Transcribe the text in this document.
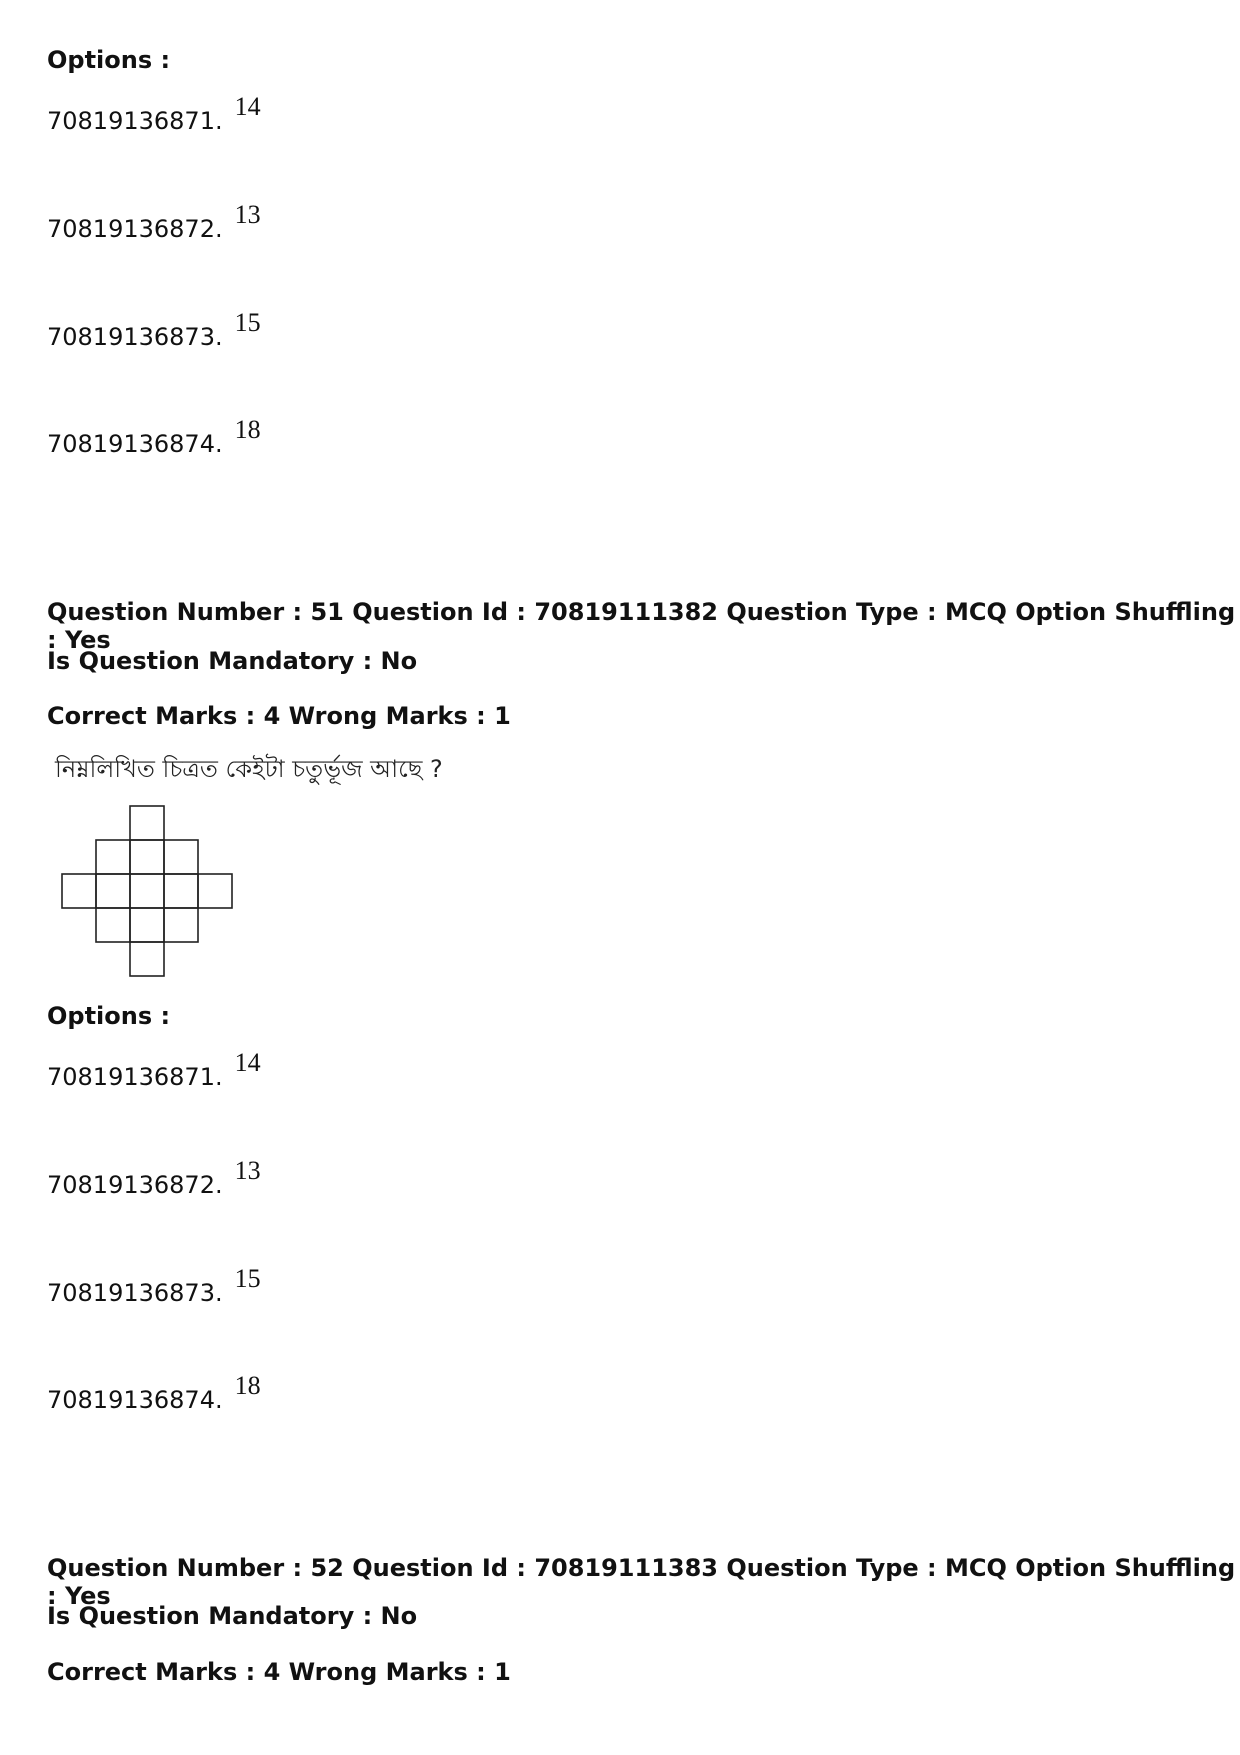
Options :
70819136871. 14
70819136872. 13
70819136873. 15
70819136874. 18
Question Number : 51 Question Id : 70819111382 Question Type : MCQ Option Shuffling : Yes
Is Question Mandatory : No
Correct Marks : 4 Wrong Marks : 1
নিম্নলিখিত চিত্ৰত কেইটা চতুৰ্ভূজ আছে ?
Options :
70819136871. 14
70819136872. 13
70819136873. 15
70819136874. 18
Question Number : 52 Question Id : 70819111383 Question Type : MCQ Option Shuffling : Yes
Is Question Mandatory : No
Correct Marks : 4 Wrong Marks : 1
